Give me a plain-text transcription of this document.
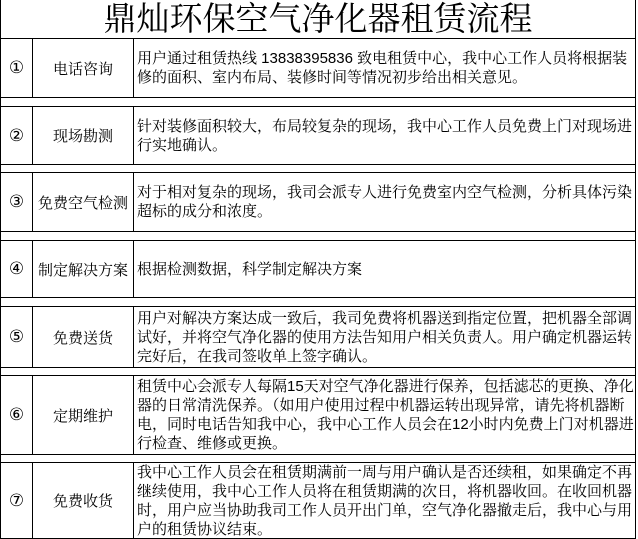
鼎灿环保空气净化器租赁流程
①	电话咨询
用户通过租赁热线 13838395836 致电租赁中心，我中心工作人员将根据装
修的面积、室内布局、装修时间等情况初步给出相关意见。
②	现场勘测
针对装修面积较大，布局较复杂的现场，我中心工作人员免费上门对现场进
行实地确认。
③ 免费空气检测
对于相对复杂的现场，我司会派专人进行免费室内空气检测，分析具体污染
超标的成分和浓度。
④ 制定解决方案 根据检测数据，科学制定解决方案
⑤	免费送货
用户对解决方案达成一致后，我司免费将机器送到指定位置，把机器全部调
试好，并将空气净化器的使用方法告知用户相关负责人。用户确定机器运转
完好后，在我司签收单上签字确认。
⑥	定期维护
租赁中心会派专人每隔15天对空气净化器进行保养，包括滤芯的更换、净化
器的日常清洗保养。（如用户使用过程中机器运转出现异常，请先将机器断
电，同时电话告知我中心，我中心工作人员会在12小时内免费上门对机器进
行检查、维修或更换。
⑦	免费收货
我中心工作人员会在租赁期满前一周与用户确认是否还续租，如果确定不再
继续使用，我中心工作人员将在租赁期满的次日，将机器收回。在收回机器
时，用户应当协助我司工作人员开出门单，空气净化器撤走后，我中心与用
户的租赁协议结束。
